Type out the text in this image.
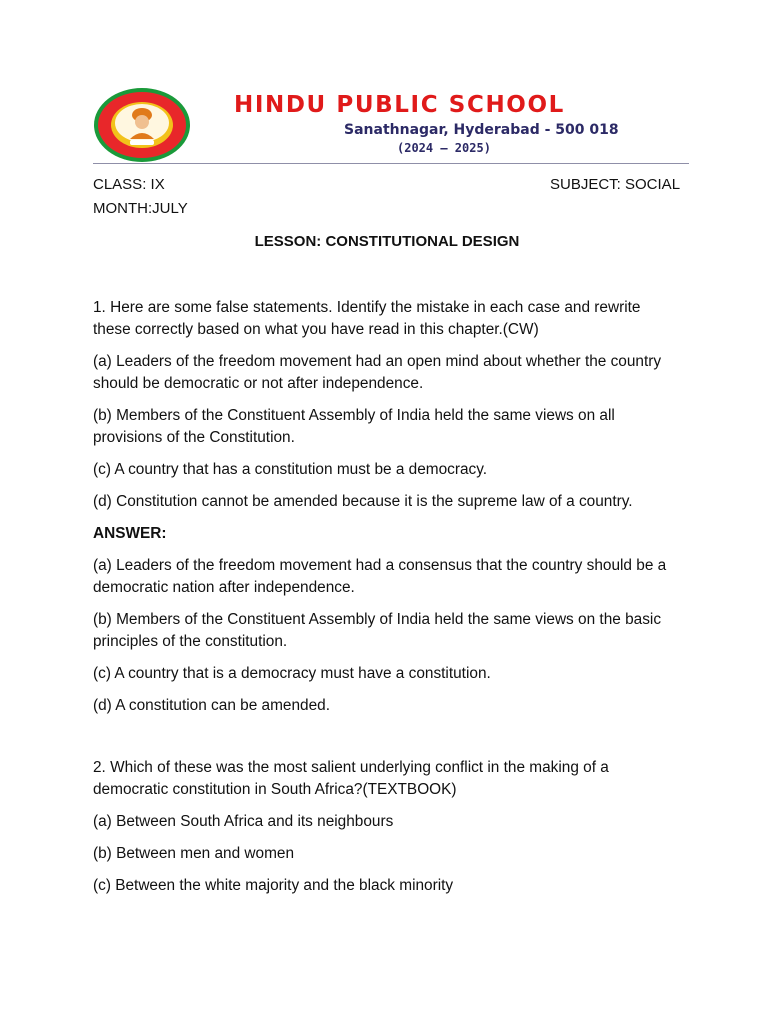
HINDU PUBLIC SCHOOL
Sanathnagar, Hyderabad - 500 018
(2024 – 2025)
CLASS: IX
MONTH:JULY
SUBJECT: SOCIAL
LESSON: CONSTITUTIONAL DESIGN

1. Here are some false statements. Identify the mistake in each case and rewrite these correctly based on what you have read in this chapter.(CW)

(a) Leaders of the freedom movement had an open mind about whether the country should be democratic or not after independence.

(b) Members of the Constituent Assembly of India held the same views on all provisions of the Constitution.

(c) A country that has a constitution must be a democracy.

(d) Constitution cannot be amended because it is the supreme law of a country.

ANSWER:

(a) Leaders of the freedom movement had a consensus that the country should be a democratic nation after independence.

(b) Members of the Constituent Assembly of India held the same views on the basic principles of the constitution.

(c) A country that is a democracy must have a constitution.

(d) A constitution can be amended.

2. Which of these was the most salient underlying conflict in the making of a democratic constitution in South Africa?(TEXTBOOK)

(a) Between South Africa and its neighbours

(b) Between men and women

(c) Between the white majority and the black minority
